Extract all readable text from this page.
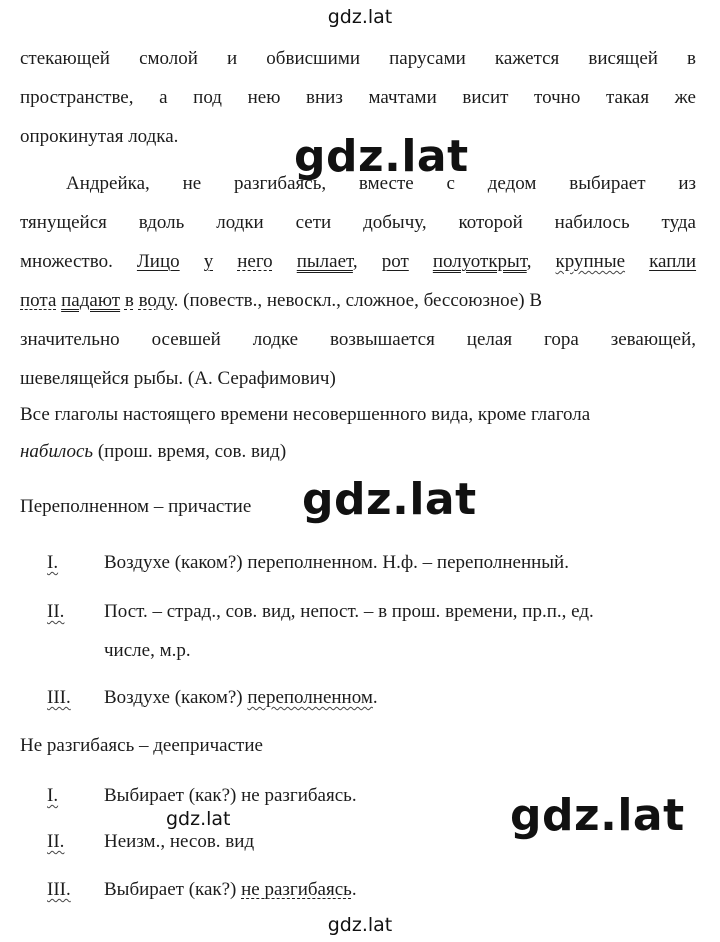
gdz.lat
gdz.lat
gdz.lat
gdz.lat
gdz.lat
gdz.lat
стекающей смолой и обвисшими парусами кажется висящей в
пространстве, а под нею вниз мачтами висит точно такая же
опрокинутая лодка.
Андрейка, не разгибаясь, вместе с дедом выбирает из
тянущейся вдоль лодки сети добычу, которой набилось туда
множество. Лицо у него пылает, рот полуоткрыт, крупные капли
пота падают в воду. (повеств., невоскл., сложное, бессоюзное) В
значительно осевшей лодке возвышается целая гора зевающей,
шевелящейся рыбы. (А. Серафимович)
Все глаголы настоящего времени несовершенного вида, кроме глагола
набилось (прош. время, сов. вид)
Переполненном – причастие
I. Воздухе (каком?) переполненном. Н.ф. – переполненный.
II. Пост. – страд., сов. вид, непост. – в прош. времени, пр.п., ед.
числе, м.р.
III. Воздухе (каком?) переполненном.
Не разгибаясь – деепричастие
I. Выбирает (как?) не разгибаясь.
II. Неизм., несов. вид
III. Выбирает (как?) не разгибаясь.
